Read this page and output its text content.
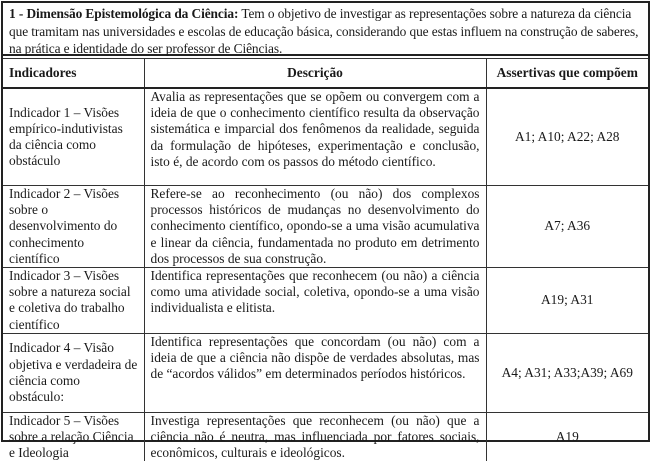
1 - Dimensão Epistemológica da Ciência: Tem o objetivo de investigar as representações sobre a natureza da ciência que tramitam nas universidades e escolas de educação básica, considerando que estas influem na construção de saberes, na prática e identidade do ser professor de Ciências.
Indicadores	Descrição	Assertivas que compõem
Indicador 1 – Visões empírico-indutivistas da ciência como obstáculo	Avalia as representações que se opõem ou convergem com a ideia de que o conhecimento científico resulta da observação sistemática e imparcial dos fenômenos da realidade, seguida da formulação de hipóteses, experimentação e conclusão, isto é, de acordo com os passos do método científico.	A1; A10; A22; A28
Indicador 2 – Visões sobre o desenvolvimento do conhecimento científico	Refere-se ao reconhecimento (ou não) dos complexos processos históricos de mudanças no desenvolvimento do conhecimento científico, opondo-se a uma visão acumulativa e linear da ciência, fundamentada no produto em detrimento dos processos de sua construção.	A7; A36
Indicador 3 – Visões sobre a natureza social e coletiva do trabalho científico	Identifica representações que reconhecem (ou não) a ciência como uma atividade social, coletiva, opondo-se a uma visão individualista e elitista.	A19; A31
Indicador 4 – Visão objetiva e verdadeira de ciência como obstáculo:	Identifica representações que concordam (ou não) com a ideia de que a ciência não dispõe de verdades absolutas, mas de “acordos válidos” em determinados períodos históricos.	A4; A31; A33;A39; A69
Indicador 5 – Visões sobre a relação Ciência e Ideologia	Investiga representações que reconhecem (ou não) que a ciência não é neutra, mas influenciada por fatores sociais, econômicos, culturais e ideológicos.	A19
